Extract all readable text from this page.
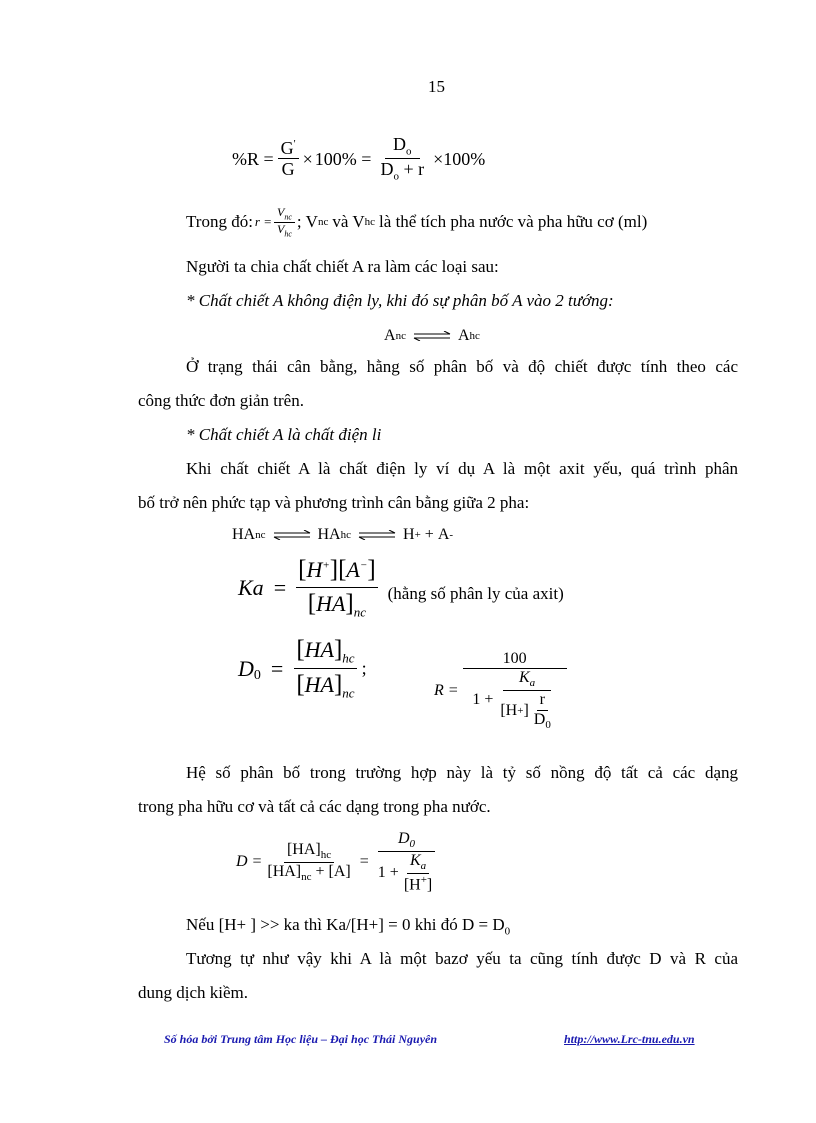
15
$\%R = \frac{G'}{G} \times 100\% = \frac{D_o}{D_o + r} \times 100\%$
Trong đó: $r = \frac{V_{nc}}{V_{hc}}$ ; V nc và V hc là thể tích pha nước và pha hữu cơ (ml)
Người ta chia chất chiết A ra làm các loại sau:
* Chất chiết A không điện ly, khi đó sự phân bố A vào 2 tướng:
A nc ⇌ A hc
Ở trạng thái cân bằng, hằng số phân bố và độ chiết được tính theo các
công thức đơn giản trên.
* Chất chiết A là chất điện li
Khi chất chiết A là chất điện ly ví dụ A là một axit yếu, quá trình phân
bố trở nên phức tạp và phương trình cân bằng giữa 2 pha:
HA nc ⇌ HA hc ⇌ H + + A -
$Ka = \frac{[H^+][A^-]}{[HA]_{nc}}$ (hằng số phân ly của axit)
D $0 = \frac{[HA]_{hc}}{[HA]_{nc}}$ ;
R =
100
$1 + \frac{K_a}{[H + ] \frac{r}{D_0}}$
Hệ số phân bố trong trường hợp này là tỷ số nồng độ tất cả các dạng
trong pha hữu cơ và tất cả các dạng trong pha nước.
$D = \frac{[HA]_{hc}}{[HA]_{nc} + [A]} = \frac{D_0}{1 + \frac{K_a}{[H^+]}}$
Nếu [H+ ] >> ka thì Ka/[H+] = 0 khi đó $D = D_0$
Tương tự như vậy khi A là một bazơ yếu ta cũng tính được D và R của
dung dịch kiềm.
Số hóa bởi Trung tâm Học liệu – Đại học Thái Nguyên	http://www.Lrc-tnu.edu.vn
